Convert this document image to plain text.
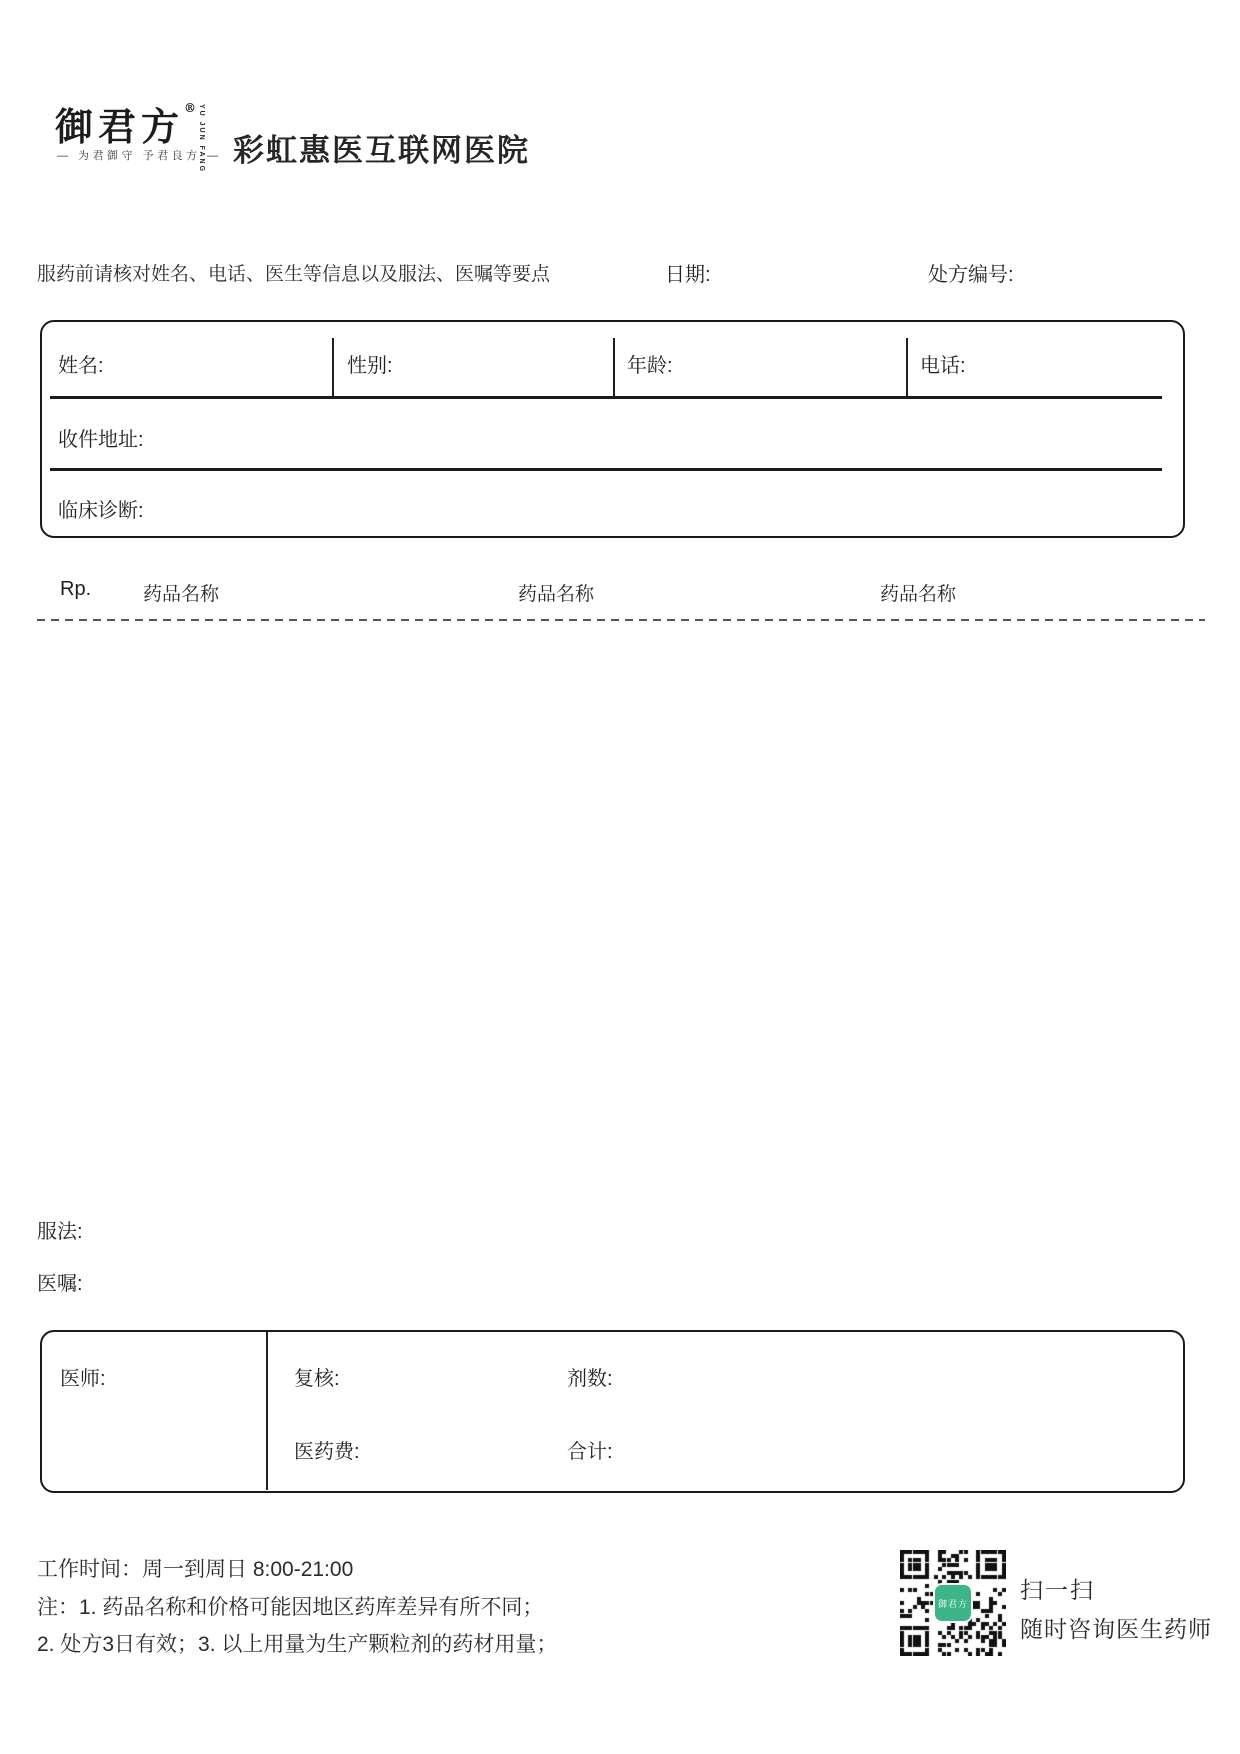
御君方® YU JUN FANG
— 为君御守 予君良方 — 彩虹惠医互联网医院
服药前请核对姓名、电话、医生等信息以及服法、医嘱等要点	日期:	处方编号:
姓名:	性别:	年龄:	电话:
收件地址:
临床诊断:
Rp.	药品名称	药品名称	药品名称
服法:
医嘱:
医师:	复核:	剂数:
医药费:	合计:
工作时间：周一到周日 8:00-21:00
注：1. 药品名称和价格可能因地区药库差异有所不同；
2. 处方3日有效；3. 以上用量为生产颗粒剂的药材用量；
御君方
扫一扫
随时咨询医生药师
